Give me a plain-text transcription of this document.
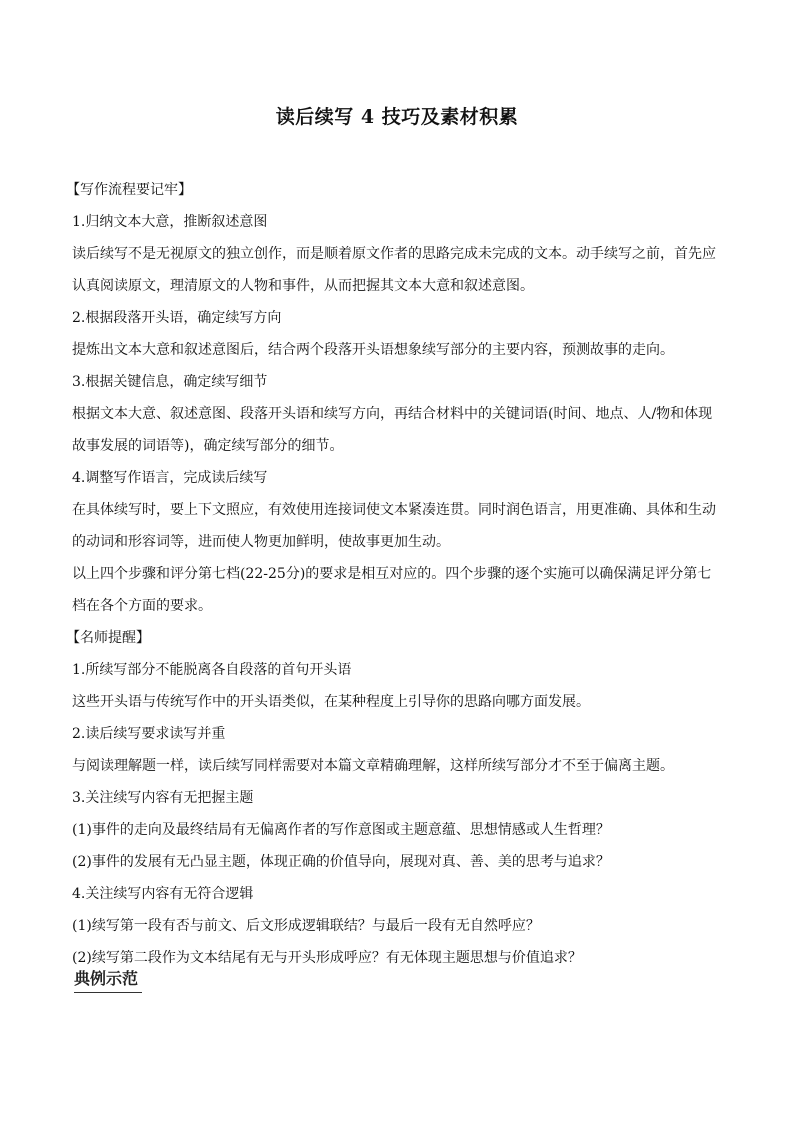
读后续写 4 技巧及素材积累
【写作流程要记牢】
1.归纳文本大意，推断叙述意图
读后续写不是无视原文的独立创作，而是顺着原文作者的思路完成未完成的文本。动手续写之前，首先应认真阅读原文，理清原文的人物和事件，从而把握其文本大意和叙述意图。
2.根据段落开头语，确定续写方向
提炼出文本大意和叙述意图后，结合两个段落开头语想象续写部分的主要内容，预测故事的走向。
3.根据关键信息，确定续写细节
根据文本大意、叙述意图、段落开头语和续写方向，再结合材料中的关键词语(时间、地点、人/物和体现故事发展的词语等)，确定续写部分的细节。
4.调整写作语言，完成读后续写
在具体续写时，要上下文照应，有效使用连接词使文本紧凑连贯。同时润色语言，用更准确、具体和生动的动词和形容词等，进而使人物更加鲜明，使故事更加生动。
以上四个步骤和评分第七档(22-25分)的要求是相互对应的。四个步骤的逐个实施可以确保满足评分第七档在各个方面的要求。
【名师提醒】
1.所续写部分不能脱离各自段落的首句开头语
这些开头语与传统写作中的开头语类似，在某种程度上引导你的思路向哪方面发展。
2.读后续写要求读写并重
与阅读理解题一样，读后续写同样需要对本篇文章精确理解，这样所续写部分才不至于偏离主题。
3.关注续写内容有无把握主题
(1)事件的走向及最终结局有无偏离作者的写作意图或主题意蕴、思想情感或人生哲理？
(2)事件的发展有无凸显主题，体现正确的价值导向，展现对真、善、美的思考与追求？
4.关注续写内容有无符合逻辑
(1)续写第一段有否与前文、后文形成逻辑联结？与最后一段有无自然呼应？
(2)续写第二段作为文本结尾有无与开头形成呼应？有无体现主题思想与价值追求？
典例示范
